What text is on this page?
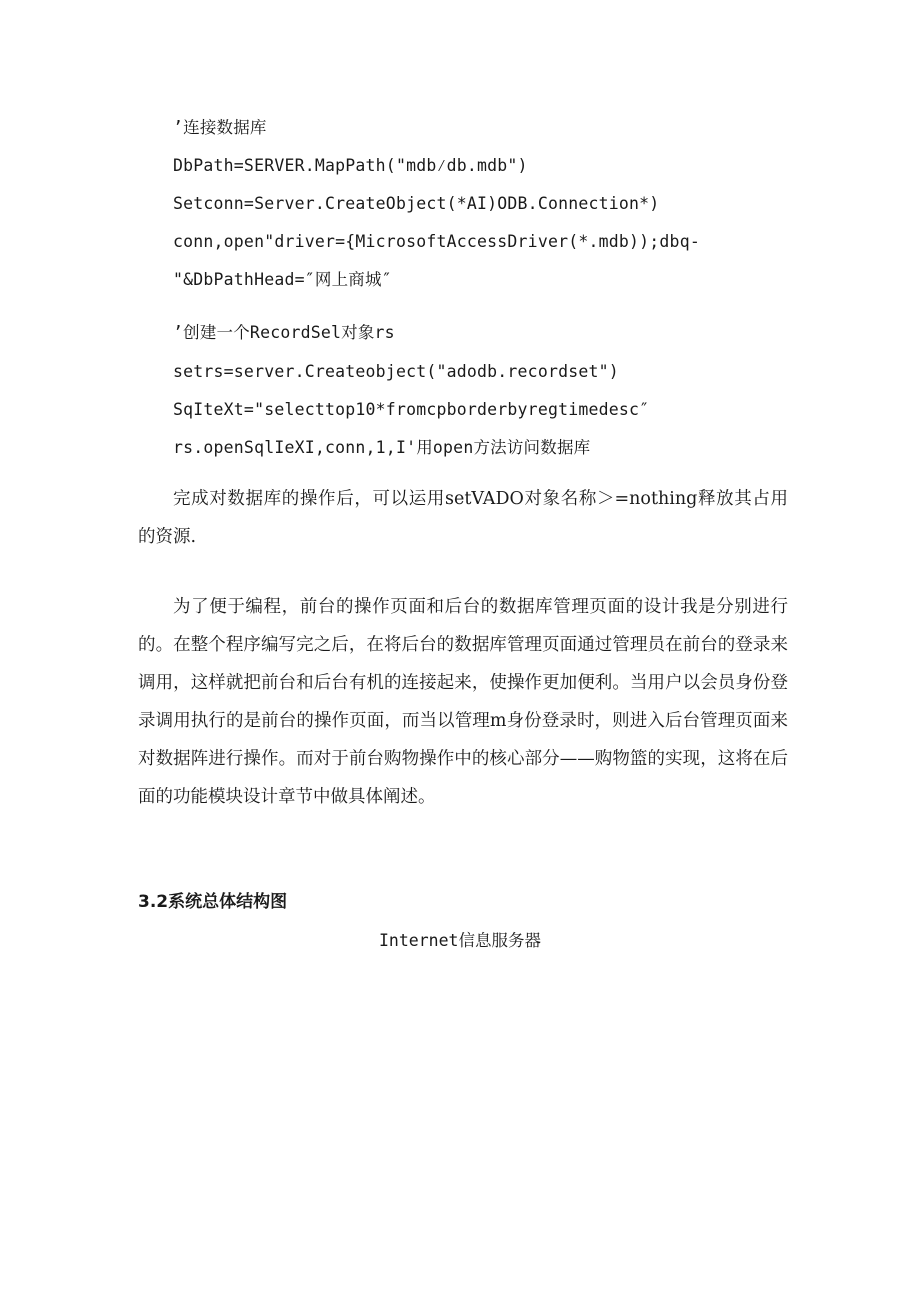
’连接数据库
DbPath=SERVER.MapPath("mdb⁄db.mdb")
Setconn=Server.CreateObject(*AI)ODB.Connection*)
conn,open"driver={MicrosoftAccessDriver(*.mdb));dbq-
"&DbPathHead=″网上商城″
’创建一个RecordSel对象rs
setrs=server.Createobject("adodb.recordset")
SqIteXt="selecttop10*fromcpborderbyregtimedesc″
rs.openSqlIeXI,conn,1,I'用open方法访问数据库
完成对数据库的操作后，可以运用setVADO对象名称＞=nothing释放其占用的资源.
为了便于编程，前台的操作页面和后台的数据库管理页面的设计我是分别进行的。在整个程序编写完之后，在将后台的数据库管理页面通过管理员在前台的登录来调用，这样就把前台和后台有机的连接起来，使操作更加便利。当用户以会员身份登录调用执行的是前台的操作页面，而当以管理m身份登录时，则进入后台管理页面来对数据阵进行操作。而对于前台购物操作中的核心部分——购物篮的实现，这将在后面的功能模块设计章节中做具体阐述。
3.2系统总体结构图
Internet信息服务器
